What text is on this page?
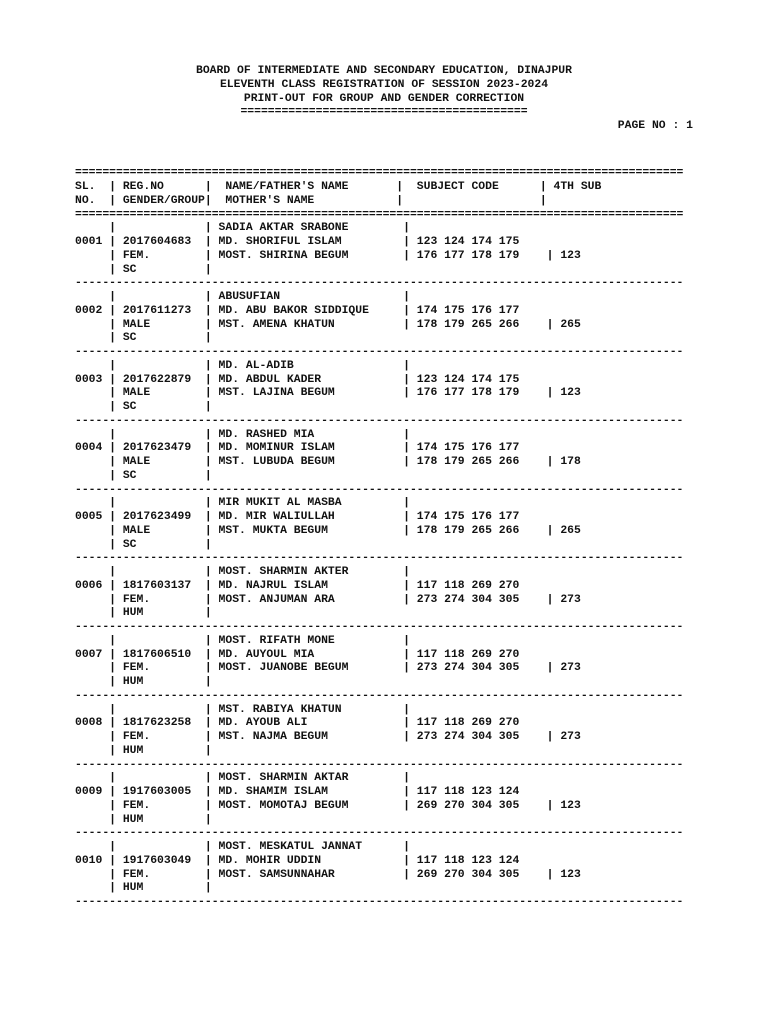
BOARD OF INTERMEDIATE AND SECONDARY EDUCATION, DINAJPUR
ELEVENTH CLASS REGISTRATION OF SESSION 2023-2024
PRINT-OUT FOR GROUP AND GENDER CORRECTION
==========================================
PAGE NO : 1

=========================================================================================
SL.  | REG.NO      |  NAME/FATHER'S NAME       |  SUBJECT CODE      | 4TH SUB
NO.  | GENDER/GROUP|  MOTHER'S NAME            |                    |
=========================================================================================
|             | SADIA AKTAR SRABONE        |
0001 | 2017604683  | MD. SHORIFUL ISLAM         | 123 124 174 175
| FEM.        | MOST. SHIRINA BEGUM        | 176 177 178 179    | 123
| SC          |
-----------------------------------------------------------------------------------------
|             | ABUSUFIAN                  |
0002 | 2017611273  | MD. ABU BAKOR SIDDIQUE     | 174 175 176 177
| MALE        | MST. AMENA KHATUN          | 178 179 265 266    | 265
| SC          |
-----------------------------------------------------------------------------------------
|             | MD. AL-ADIB                |
0003 | 2017622879  | MD. ABDUL KADER            | 123 124 174 175
| MALE        | MST. LAJINA BEGUM          | 176 177 178 179    | 123
| SC          |
-----------------------------------------------------------------------------------------
|             | MD. RASHED MIA             |
0004 | 2017623479  | MD. MOMINUR ISLAM          | 174 175 176 177
| MALE        | MST. LUBUDA BEGUM          | 178 179 265 266    | 178
| SC          |
-----------------------------------------------------------------------------------------
|             | MIR MUKIT AL MASBA         |
0005 | 2017623499  | MD. MIR WALIULLAH          | 174 175 176 177
| MALE        | MST. MUKTA BEGUM           | 178 179 265 266    | 265
| SC          |
-----------------------------------------------------------------------------------------
|             | MOST. SHARMIN AKTER        |
0006 | 1817603137  | MD. NAJRUL ISLAM           | 117 118 269 270
| FEM.        | MOST. ANJUMAN ARA          | 273 274 304 305    | 273
| HUM         |
-----------------------------------------------------------------------------------------
|             | MOST. RIFATH MONE          |
0007 | 1817606510  | MD. AUYOUL MIA             | 117 118 269 270
| FEM.        | MOST. JUANOBE BEGUM        | 273 274 304 305    | 273
| HUM         |
-----------------------------------------------------------------------------------------
|             | MST. RABIYA KHATUN         |
0008 | 1817623258  | MD. AYOUB ALI              | 117 118 269 270
| FEM.        | MST. NAJMA BEGUM           | 273 274 304 305    | 273
| HUM         |
-----------------------------------------------------------------------------------------
|             | MOST. SHARMIN AKTAR        |
0009 | 1917603005  | MD. SHAMIM ISLAM           | 117 118 123 124
| FEM.        | MOST. MOMOTAJ BEGUM        | 269 270 304 305    | 123
| HUM         |
-----------------------------------------------------------------------------------------
|             | MOST. MESKATUL JANNAT      |
0010 | 1917603049  | MD. MOHIR UDDIN            | 117 118 123 124
| FEM.        | MOST. SAMSUNNAHAR          | 269 270 304 305    | 123
| HUM         |
-----------------------------------------------------------------------------------------
